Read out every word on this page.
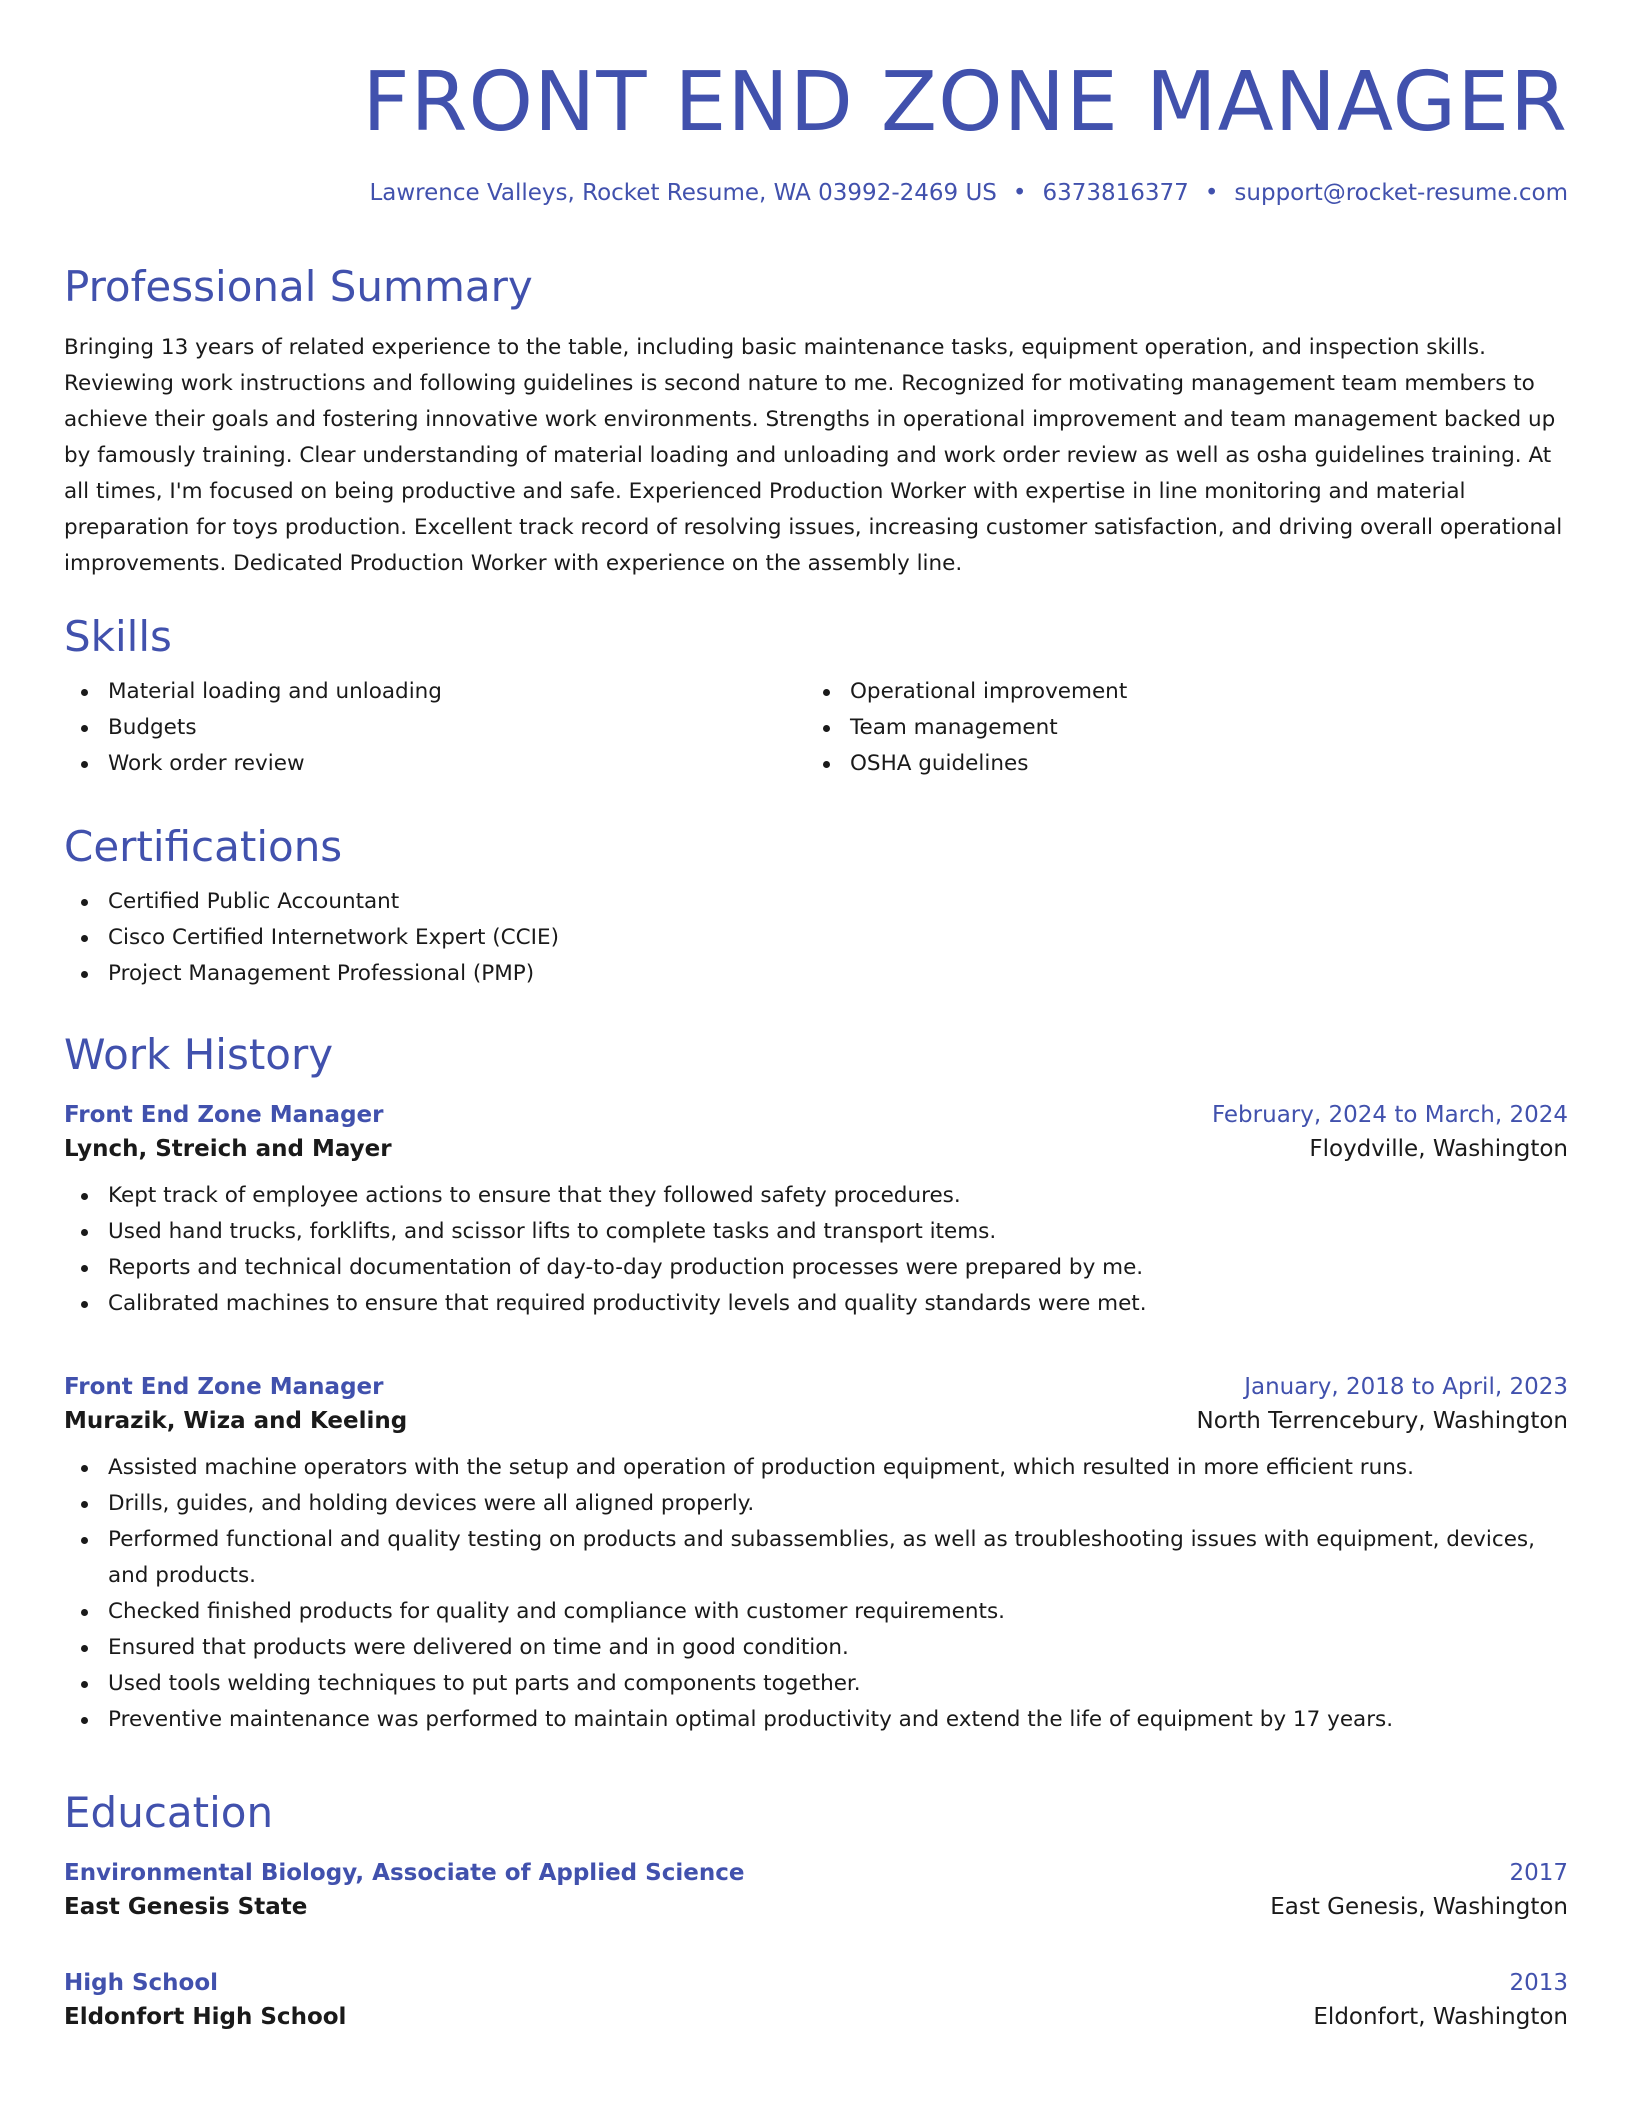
FRONT END ZONE MANAGER
Lawrence Valleys, Rocket Resume, WA 03992-2469 US • 6373816377 • support@rocket-resume.com
Professional Summary

Bringing 13 years of related experience to the table, including basic maintenance tasks, equipment operation, and inspection skills. Reviewing work instructions and following guidelines is second nature to me. Recognized for motivating management team members to achieve their goals and fostering innovative work environments. Strengths in operational improvement and team management backed up by famously training. Clear understanding of material loading and unloading and work order review as well as osha guidelines training. At all times, I'm focused on being productive and safe. Experienced Production Worker with expertise in line monitoring and material preparation for toys production. Excellent track record of resolving issues, increasing customer satisfaction, and driving overall operational improvements. Dedicated Production Worker with experience on the assembly line.

Skills
Material loading and unloading
Budgets
Work order review
Operational improvement
Team management
OSHA guidelines
Certifications
Certified Public Accountant
Cisco Certified Internetwork Expert (CCIE)
Project Management Professional (PMP)
Work History
Front End Zone Manager	February, 2024 to March, 2024
Lynch, Streich and Mayer	Floydville, Washington
Kept track of employee actions to ensure that they followed safety procedures.
Used hand trucks, forklifts, and scissor lifts to complete tasks and transport items.
Reports and technical documentation of day-to-day production processes were prepared by me.
Calibrated machines to ensure that required productivity levels and quality standards were met.
Front End Zone Manager	January, 2018 to April, 2023
Murazik, Wiza and Keeling	North Terrencebury, Washington
Assisted machine operators with the setup and operation of production equipment, which resulted in more efficient runs.
Drills, guides, and holding devices were all aligned properly.
Performed functional and quality testing on products and subassemblies, as well as troubleshooting issues with equipment, devices, and products.
Checked finished products for quality and compliance with customer requirements.
Ensured that products were delivered on time and in good condition.
Used tools welding techniques to put parts and components together.
Preventive maintenance was performed to maintain optimal productivity and extend the life of equipment by 17 years.
Education
Environmental Biology, Associate of Applied Science	2017
East Genesis State	East Genesis, Washington
High School	2013
Eldonfort High School	Eldonfort, Washington
